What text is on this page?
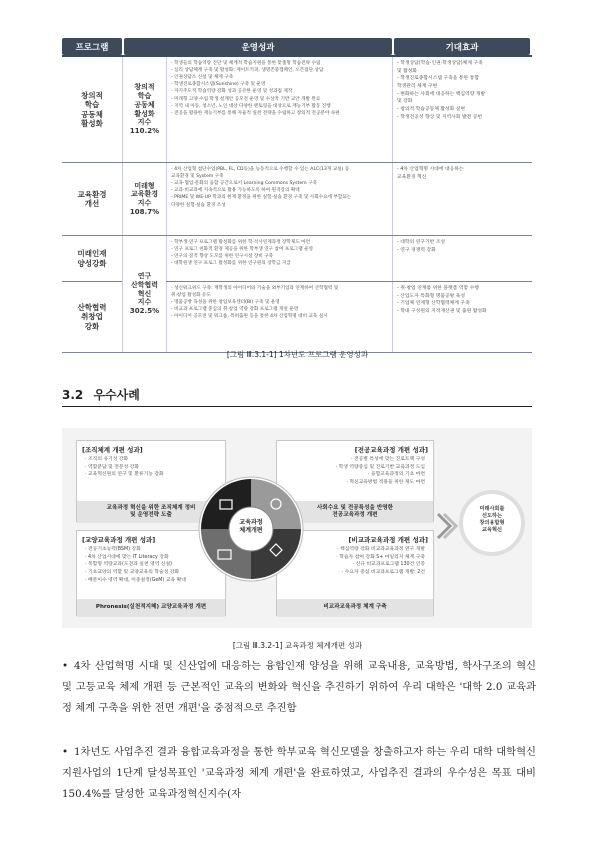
프로그램	운영성과	기대효과
창의적
학습
공동체
활성화
창의적
학습
공동체
활성화
지수
110.2%
- 학생들의 학습역량 진단 및 체계적 학습지원을 통한 맞춤형 학습전략 수립
- 심리 상담체계 구축 및 활성화: 게이트키퍼, 생명존중캠페인, 오픈집단 상담
- 인권상담소 신설 및 체계 구축
- 학생진로종합시스템(Sunshine) 구축 및 운영
- 자기주도적 학습역량 강화 성과 공유한 운영 및 성과집 제작
- 미래형 고양 수업 학생 설계안 공모전 운영 및 수상작 기반 교안 개발 완료
- 지역 내 아동, 청소년, 노인 대상 다양한 멘토링을 대상으로 재능기부 활동 진행
- 전공을 활용한 재능기부를 통해 자율적 실천 전략을 수립하고 창의적 전공분야 속편
- 학생상담(학습·인권·학생상담)체계 구축
및 활성화
- 학생진로종합시스템 구축을 통한 통합
학생관리 체계 구현
- 변화하는 사회에 대응하는 핵심역량 개발
및 강화
- 창의적 학습공동체 활성화 실현
- 학생전공성 향상 및 지역사회 발전 공헌
교육환경
개선
미래형
교육환경
지수
108.7%
- 4차 산업형 첨단수업(PBL, FL, CD등)을 능동적으로 수행할 수 있는 ALC(13개 교실) 등
교육환경 및 System 구축
- 교육·협업·문화의 융합 공간으로서 Learning Commons System 구축
- 교과·비교과에 지속적으로 활용 가능하도록 하여 원격강의 확대
- PRIME 및 WE-UP 학과의 현재 환경을 위한 실험·실습 환경 구축 및 사회수요에 부합되는
다양한 실험·실습 환경 조성
- 4차 산업혁명 시대에 대응하는
교육환경 혁신
미래인재
양성강화
- 학부생 연구 프로그램 활성화를 위한 학·석사연계과정 장학제도 마련
- 연구 프로그 친화적 환경 제공을 위한 학부생 연구 참여 프로그램 운영
- 연구의 질적 향상 도모를 위한 연구시설 장비 구축
- 대학원생 연구 프로그 활성화를 위한 연구원의 장학금 지급
- 대학의 연구기반 조성
- 연구 경쟁력 강화
산학협력
취창업
강화
- 성신워크위드 구축: 재학생의 아이디어와 기술을 외부기업과 연계하여 산학협력 및
취·창업 활성화 유도
- 명품공방 육성을 위한 창업보육센터(BI) 구축 및 운영
- 비교과 프로그램 중심의 취·창업 역량 강화 프로그램 개설 운영
- 아이디어 공모전 및 워크숍, 특허출원 등을 통한 4차 산업혁명 대비 교육 실시
- 취·창업 연계를 위한 플랫폼 역할 수행
- 산업도자 특화형 명품공방 육성
- 기업체 연계형 산학협력체계 구축
- 학내 구성원의 지적재산권 및 출원 활성화
연구
산학협력
혁신
지수
302.5%
[그림 Ⅲ.3.1-1] 1차년도 프로그램 운영성과
3.2 우수사례
[조직체계 개편 성과]
· 조직의 유기성 강화
· 역할분담 및 전문성 강화
· 교육혁신원의 연구 및 환류기능 강화
교육과정 혁신을 위한 조직체계 정비
및 운영전략 도출
[전공교육과정 개편 성과]
· 전공별 특성에 맞는 진로트랙 구성
· 학생 역량중심 및 진로기반 교육과정 도입
· 융합교육과정의 기초 마련
· 혁신교육방법 적용을 위한 제도 마련
사회수요 및 전공특성을 반영한
전공교육과정 개편
[교양교육과정 개편 성과]
· 전공기초능력(BSM) 강화
· 4차 산업시대에 맞는 IT Literacy 강화
· 복합형 역량교과(도전과 실천 영역 신설)
· 기초교양의 역할 및 교양교육의 학술성 강화
· 배분이수 영역 확대, 이중설정(GeM) 교육 확대
Phronesis(실천적지혜) 교양교육과정 개편
[비교과교육과정 개편 성과]
· 핵심역량 강화 비교과교육과정 연구 개발
· 학습자 참여 강화 S+ 마일리지 체계 구축
· 신규 비교과프로그램 130건 인증
· 수요자 중심 비교과프로그램 개발: 2건
비교과교육과정 체계 구축
교육과정
체계개편
미래사회를
선도하는
창의융합형
교육혁신
[그림 Ⅲ.3.2-1] 교육과정 체계개편 성과
• 4차 산업혁명 시대 및 신산업에 대응하는 융합인재 양성을 위해 교육내용, 교육방법, 학사구조의 혁신 및 고등교육 체제 개편 등 근본적인 교육의 변화와 혁신을 추진하기 위하여 우리 대학은 '대학 2.0 교육과정 체계 구축을 위한 전면 개편'을 중점적으로 추진함
• 1차년도 사업추진 결과 융합교육과정을 통한 학부교육 혁신모델을 창출하고자 하는 우리 대학 대학혁신지원사업의 1단계 달성목표인 '교육과정 체계 개편'을 완료하였고, 사업추진 결과의 우수성은 목표 대비 150.4%를 달성한 교육과정혁신지수(자
